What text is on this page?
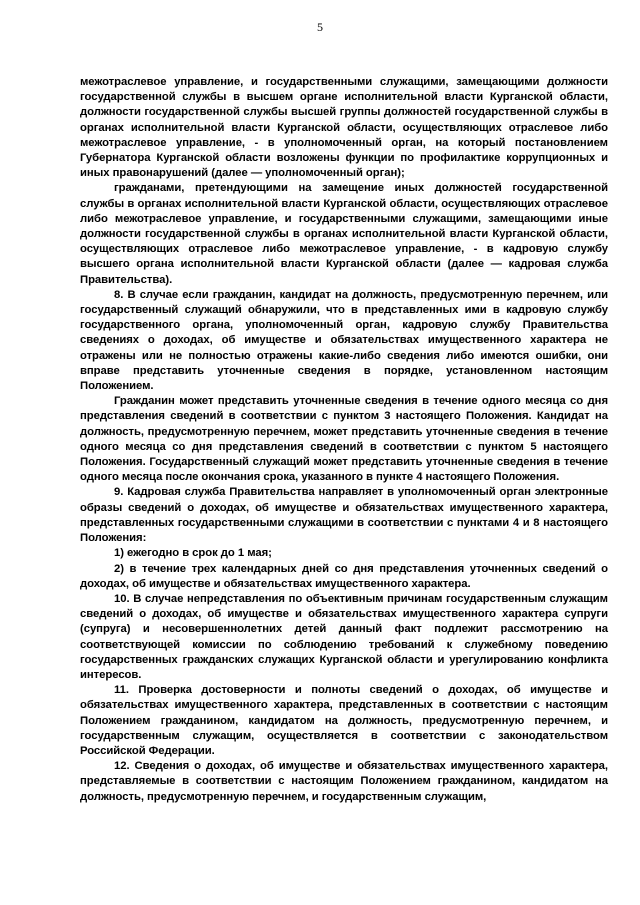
5

межотраслевое управление, и государственными служащими, замещающими должности государственной службы в высшем органе исполнительной власти Курганской области, должности государственной службы высшей группы должностей государственной службы в органах исполнительной власти Курганской области, осуществляющих отраслевое либо межотраслевое управление, - в уполномоченный орган, на который постановлением Губернатора Курганской области возложены функции по профилактике коррупционных и иных правонарушений (далее — уполномоченный орган);

гражданами, претендующими на замещение иных должностей государственной службы в органах исполнительной власти Курганской области, осуществляющих отраслевое либо межотраслевое управление, и государственными служащими, замещающими иные должности государственной службы в органах исполнительной власти Курганской области, осуществляющих отраслевое либо межотраслевое управление, - в кадровую службу высшего органа исполнительной власти Курганской области (далее — кадровая служба Правительства).

8. В случае если гражданин, кандидат на должность, предусмотренную перечнем, или государственный служащий обнаружили, что в представленных ими в кадровую службу государственного органа, уполномоченный орган, кадровую службу Правительства сведениях о доходах, об имуществе и обязательствах имущественного характера не отражены или не полностью отражены какие-либо сведения либо имеются ошибки, они вправе представить уточненные сведения в порядке, установленном настоящим Положением.

Гражданин может представить уточненные сведения в течение одного месяца со дня представления сведений в соответствии с пунктом 3 настоящего Положения. Кандидат на должность, предусмотренную перечнем, может представить уточненные сведения в течение одного месяца со дня представления сведений в соответствии с пунктом 5 настоящего Положения. Государственный служащий может представить уточненные сведения в течение одного месяца после окончания срока, указанного в пункте 4 настоящего Положения.

9. Кадровая служба Правительства направляет в уполномоченный орган электронные образы сведений о доходах, об имуществе и обязательствах имущественного характера, представленных государственными служащими в соответствии с пунктами 4 и 8 настоящего Положения:

1) ежегодно в срок до 1 мая;

2) в течение трех календарных дней со дня представления уточненных сведений о доходах, об имуществе и обязательствах имущественного характера.

10. В случае непредставления по объективным причинам государственным служащим сведений о доходах, об имуществе и обязательствах имущественного характера супруги (супруга) и несовершеннолетних детей данный факт подлежит рассмотрению на соответствующей комиссии по соблюдению требований к служебному поведению государственных гражданских служащих Курганской области и урегулированию конфликта интересов.

11. Проверка достоверности и полноты сведений о доходах, об имуществе и обязательствах имущественного характера, представленных в соответствии с настоящим Положением гражданином, кандидатом на должность, предусмотренную перечнем, и государственным служащим, осуществляется в соответствии с законодательством Российской Федерации.

12. Сведения о доходах, об имуществе и обязательствах имущественного характера, представляемые в соответствии с настоящим Положением гражданином, кандидатом на должность, предусмотренную перечнем, и государственным служащим,
